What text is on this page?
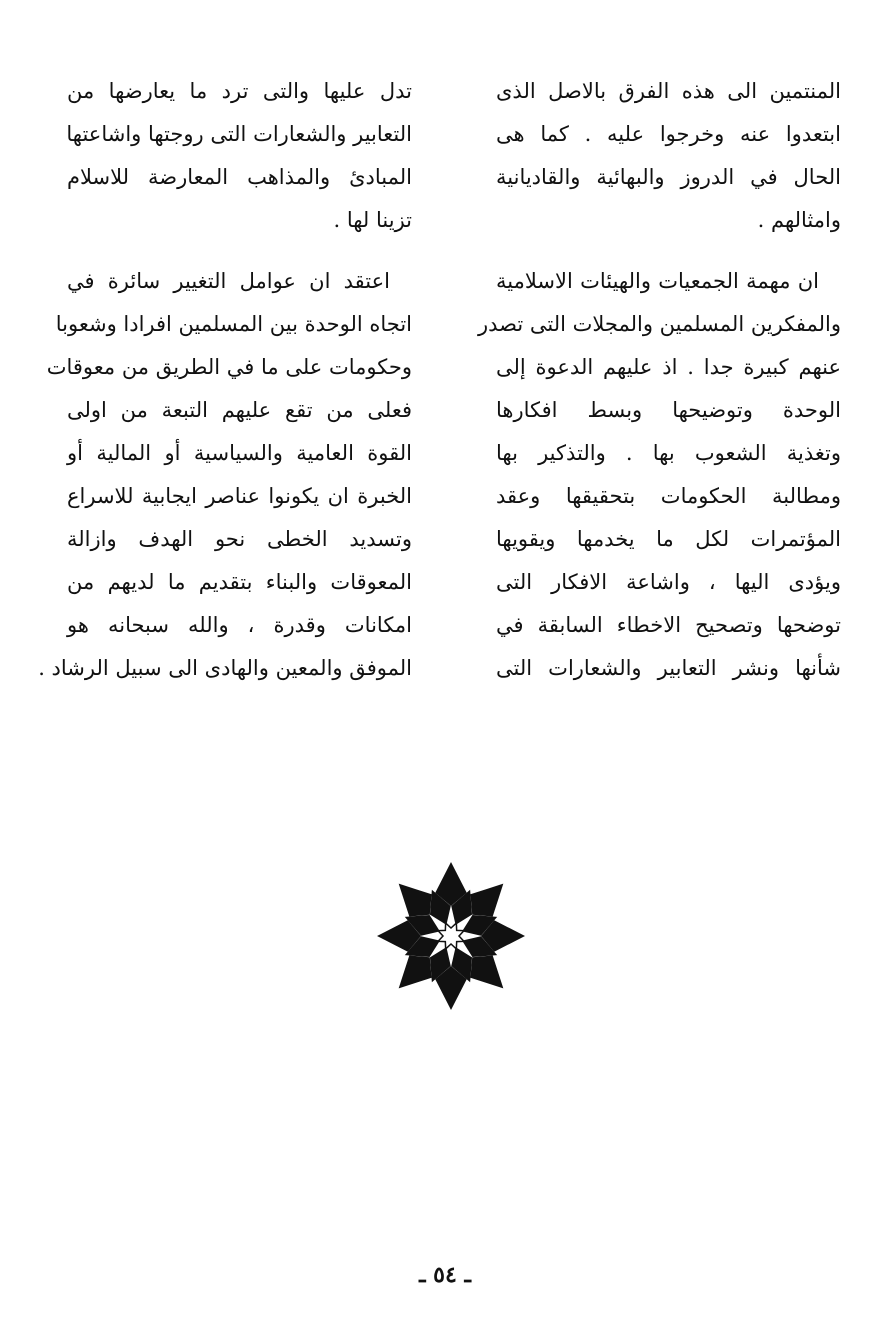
المنتمين الى هذه الفرق بالاصل الذى
ابتعدوا عنه وخرجوا عليه . كما هى
الحال في الدروز والبهائية والقاديانية
وامثالهم .
ان مهمة الجمعيات والهيئات الاسلامية
والمفكرين المسلمين والمجلات التى تصدر
عنهم كبيرة جدا . اذ عليهم الدعوة إلى
الوحدة وتوضيحها وبسط افكارها
وتغذية الشعوب بها . والتذكير بها
ومطالبة الحكومات بتحقيقها وعقد
المؤتمرات لكل ما يخدمها ويقويها
ويؤدى اليها ، واشاعة الافكار التى
توضحها وتصحيح الاخطاء السابقة في
شأنها ونشر التعابير والشعارات التى
تدل عليها والتى ترد ما يعارضها من
التعابير والشعارات التى روجتها واشاعتها
المبادئ والمذاهب المعارضة للاسلام
تزينا لها .
اعتقد ان عوامل التغيير سائرة في
اتجاه الوحدة بين المسلمين افرادا وشعوبا
وحكومات على ما في الطريق من معوقات
فعلى من تقع عليهم التبعة من اولى
القوة العامية والسياسية أو المالية أو
الخبرة ان يكونوا عناصر ايجابية للاسراع
وتسديد الخطى نحو الهدف وازالة
المعوقات والبناء بتقديم ما لديهم من
امكانات وقدرة ، والله سبحانه هو
الموفق والمعين والهادى الى سبيل الرشاد .
ـ ٥٤ ـ
